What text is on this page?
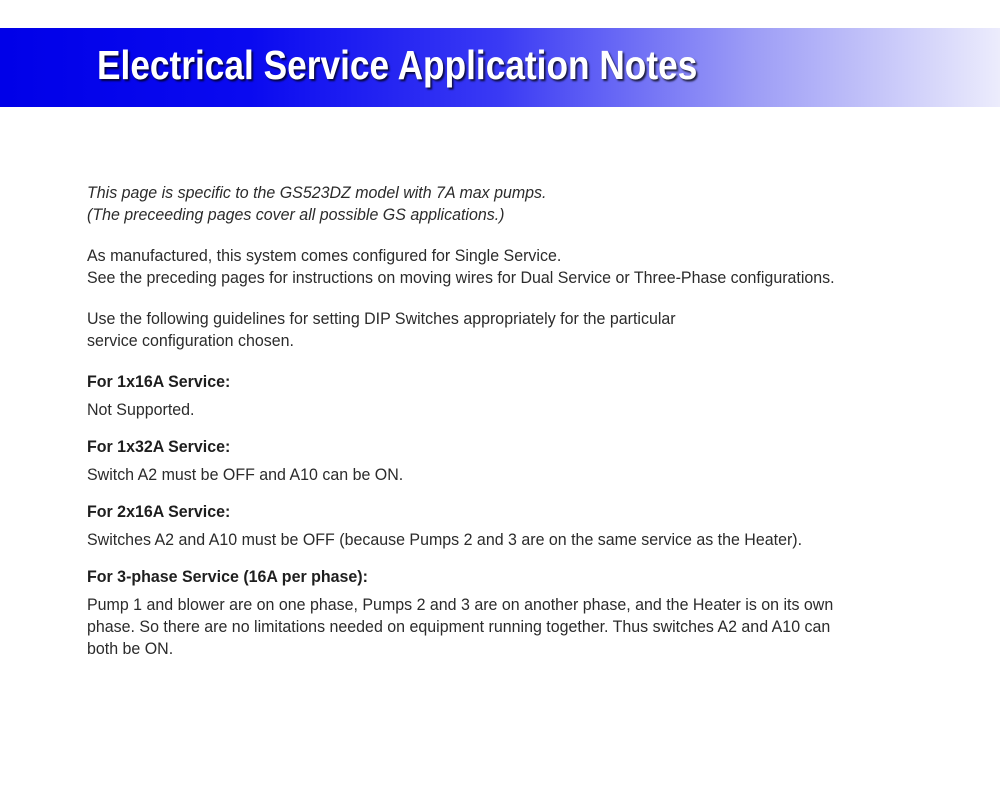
Electrical Service Application Notes
This page is specific to the GS523DZ model with 7A max pumps.
(The preceeding pages cover all possible GS applications.)
As manufactured, this system comes configured for Single Service.
See the preceding pages for instructions on moving wires for Dual Service or Three-Phase configurations.
Use the following guidelines for setting DIP Switches appropriately for the particular
service configuration chosen.
For 1x16A Service:
Not Supported.
For 1x32A Service:
Switch A2 must be OFF and A10 can be ON.
For 2x16A Service:
Switches A2 and A10 must be OFF (because Pumps 2 and 3 are on the same service as the Heater).
For 3-phase Service (16A per phase):
Pump 1 and blower are on one phase, Pumps 2 and 3 are on another phase, and the Heater is on its own
phase. So there are no limitations needed on equipment running together. Thus switches A2 and A10 can
both be ON.
